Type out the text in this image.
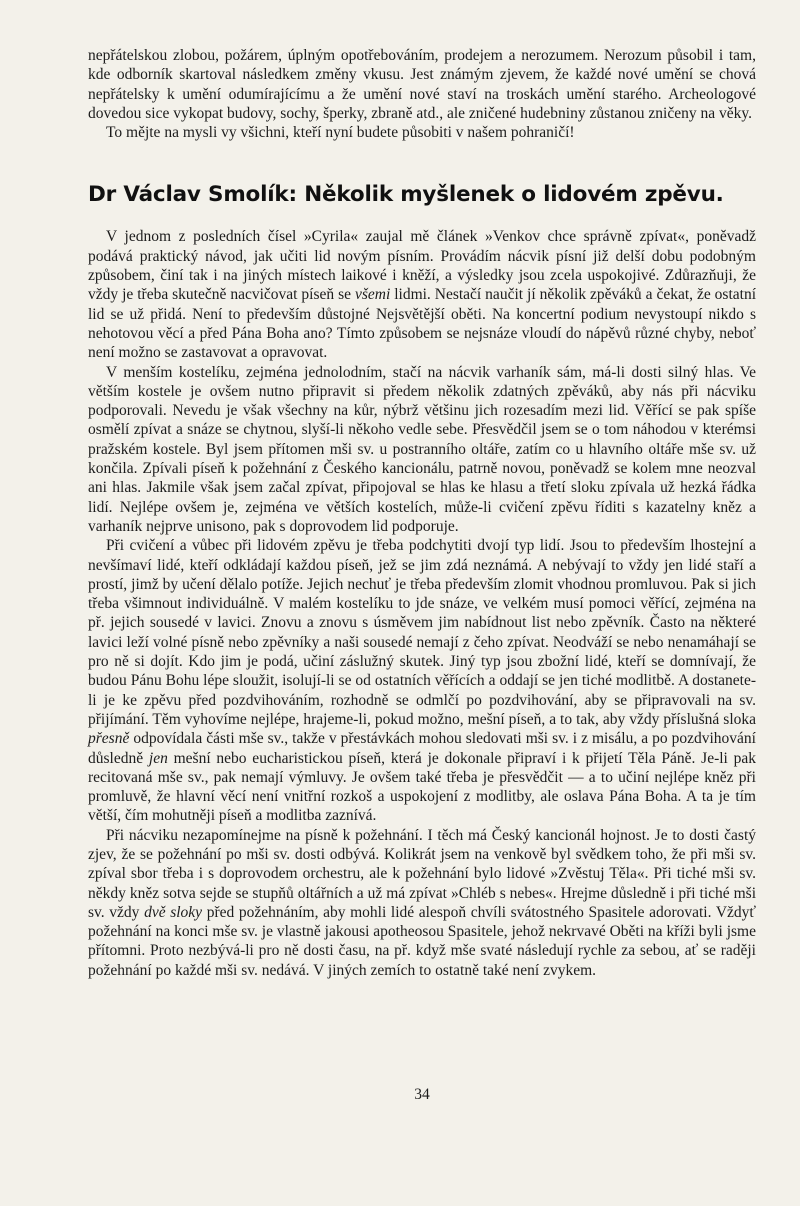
nepřátelskou zlobou, požárem, úplným opotřebováním, prodejem a nerozumem. Nerozum působil i tam, kde odborník skartoval následkem změny vkusu. Jest známým zjevem, že každé nové umění se chová nepřátelsky k umění odumírajícímu a že umění nové staví na troskách umění starého. Archeologové dovedou sice vykopat budovy, sochy, šperky, zbraně atd., ale zničené hudebniny zůstanou zničeny na věky.

To mějte na mysli vy všichni, kteří nyní budete působiti v našem pohraničí!

Dr Václav Smolík: Několik myšlenek o lidovém zpěvu.

V jednom z posledních čísel »Cyrila« zaujal mě článek »Venkov chce správně zpívat«, poněvadž podává praktický návod, jak učiti lid novým písním. Provádím nácvik písní již delší dobu podobným způsobem, činí tak i na jiných místech laikové i kněží, a výsledky jsou zcela uspokojivé. Zdůrazňuji, že vždy je třeba skutečně nacvičovat píseň se všemi lidmi. Nestačí naučit jí několik zpěváků a čekat, že ostatní lid se už přidá. Není to především důstojné Nejsvětější oběti. Na koncertní podium nevystoupí nikdo s nehotovou věcí a před Pána Boha ano? Tímto způsobem se nejsnáze vloudí do nápěvů různé chyby, neboť není možno se zastavovat a opravovat.

V menším kostelíku, zejména jednolodním, stačí na nácvik varhaník sám, má-li dosti silný hlas. Ve větším kostele je ovšem nutno připravit si předem několik zdatných zpěváků, aby nás při nácviku podporovali. Nevedu je však všechny na kůr, nýbrž většinu jich rozesadím mezi lid. Věřící se pak spíše osmělí zpívat a snáze se chytnou, slyší-li někoho vedle sebe. Přesvědčil jsem se o tom náhodou v kterémsi pražském kostele. Byl jsem přítomen mši sv. u postranního oltáře, zatím co u hlavního oltáře mše sv. už končila. Zpívali píseň k požehnání z Českého kancionálu, patrně novou, poněvadž se kolem mne neozval ani hlas. Jakmile však jsem začal zpívat, připojoval se hlas ke hlasu a třetí sloku zpívala už hezká řádka lidí. Nejlépe ovšem je, zejména ve větších kostelích, může-li cvičení zpěvu říditi s kazatelny kněz a varhaník nejprve unisono, pak s doprovodem lid podporuje.

Při cvičení a vůbec při lidovém zpěvu je třeba podchytiti dvojí typ lidí. Jsou to především lhostejní a nevšímaví lidé, kteří odkládají každou píseň, jež se jim zdá neznámá. A nebývají to vždy jen lidé staří a prostí, jimž by učení dělalo potíže. Jejich nechuť je třeba především zlomit vhodnou promluvou. Pak si jich třeba všimnout individuálně. V malém kostelíku to jde snáze, ve velkém musí pomoci věřící, zejména na př. jejich sousedé v lavici. Znovu a znovu s úsměvem jim nabídnout list nebo zpěvník. Často na některé lavici leží volné písně nebo zpěvníky a naši sousedé nemají z čeho zpívat. Neodváží se nebo nenamáhají se pro ně si dojít. Kdo jim je podá, učiní záslužný skutek. Jiný typ jsou zbožní lidé, kteří se domnívají, že budou Pánu Bohu lépe sloužit, isolují-li se od ostatních věřících a oddají se jen tiché modlitbě. A dostanete-li je ke zpěvu před pozdvihováním, rozhodně se odmlčí po pozdvihování, aby se připravovali na sv. přijímání. Těm vyhovíme nejlépe, hrajeme-li, pokud možno, mešní píseň, a to tak, aby vždy příslušná sloka přesně odpovídala části mše sv., takže v přestávkách mohou sledovati mši sv. i z misálu, a po pozdvihování důsledně jen mešní nebo eucharistickou píseň, která je dokonale připraví i k přijetí Těla Páně. Je-li pak recitovaná mše sv., pak nemají výmluvy. Je ovšem také třeba je přesvědčit — a to učiní nejlépe kněz při promluvě, že hlavní věcí není vnitřní rozkoš a uspokojení z modlitby, ale oslava Pána Boha. A ta je tím větší, čím mohutněji píseň a modlitba zaznívá.

Při nácviku nezapomínejme na písně k požehnání. I těch má Český kancionál hojnost. Je to dosti častý zjev, že se požehnání po mši sv. dosti odbývá. Kolikrát jsem na venkově byl svědkem toho, že při mši sv. zpíval sbor třeba i s doprovodem orchestru, ale k požehnání bylo lidové »Zvěstuj Těla«. Při tiché mši sv. někdy kněz sotva sejde se stupňů oltářních a už má zpívat »Chléb s nebes«. Hrejme důsledně i při tiché mši sv. vždy dvě sloky před požehnáním, aby mohli lidé alespoň chvíli svátostného Spasitele adorovati. Vždyť požehnání na konci mše sv. je vlastně jakousi apotheosou Spasitele, jehož nekrvavé Oběti na kříži byli jsme přítomni. Proto nezbývá-li pro ně dosti času, na př. když mše svaté následují rychle za sebou, ať se raději požehnání po každé mši sv. nedává. V jiných zemích to ostatně také není zvykem.

34
